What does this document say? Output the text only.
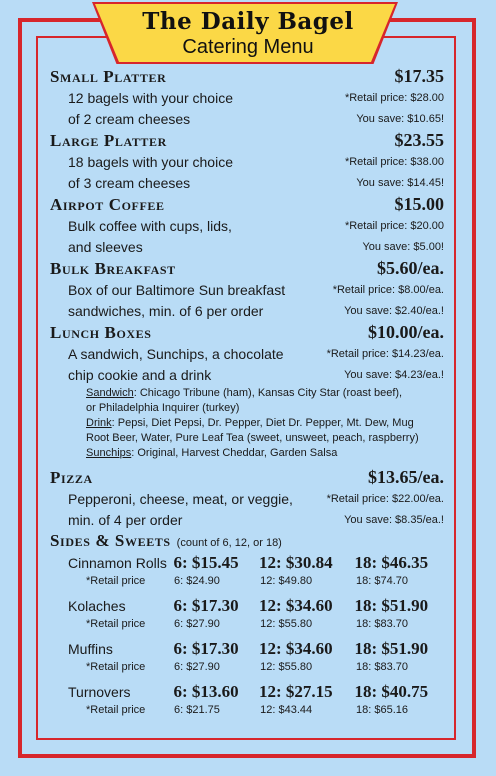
The Daily Bagel
Catering Menu
Small Platter	$17.35
12 bagels with your choice
of 2 cream cheeses
*Retail price: $28.00
You save: $10.65!
Large Platter	$23.55
18 bagels with your choice
of 3 cream cheeses
*Retail price: $38.00
You save: $14.45!
Airpot Coffee	$15.00
Bulk coffee with cups, lids,
and sleeves
*Retail price: $20.00
You save: $5.00!
Bulk Breakfast	$5.60/ea.
Box of our Baltimore Sun breakfast
sandwiches, min. of 6 per order
*Retail price: $8.00/ea.
You save: $2.40/ea.!
Lunch Boxes	$10.00/ea.
A sandwich, Sunchips, a chocolate
chip cookie and a drink
*Retail price: $14.23/ea.
You save: $4.23/ea.!
Sandwich: Chicago Tribune (ham), Kansas City Star (roast beef),
or Philadelphia Inquirer (turkey)
Drink: Pepsi, Diet Pepsi, Dr. Pepper, Diet Dr. Pepper, Mt. Dew, Mug
Root Beer, Water, Pure Leaf Tea (sweet, unsweet, peach, raspberry)
Sunchips: Original, Harvest Cheddar, Garden Salsa
Pizza	$13.65/ea.
Pepperoni, cheese, meat, or veggie,
min. of 4 per order
*Retail price: $22.00/ea.
You save: $8.35/ea.!
Sides & Sweets (count of 6, 12, or 18)
Cinnamon Rolls 6: $15.45	12: $30.84	18: $46.35
*Retail price	6: $24.90	12: $49.80	18: $74.70
Kolaches	6: $17.30	12: $34.60	18: $51.90
*Retail price	6: $27.90	12: $55.80	18: $83.70
Muffins	6: $17.30	12: $34.60	18: $51.90
*Retail price	6: $27.90	12: $55.80	18: $83.70
Turnovers	6: $13.60	12: $27.15	18: $40.75
*Retail price	6: $21.75	12: $43.44	18: $65.16
